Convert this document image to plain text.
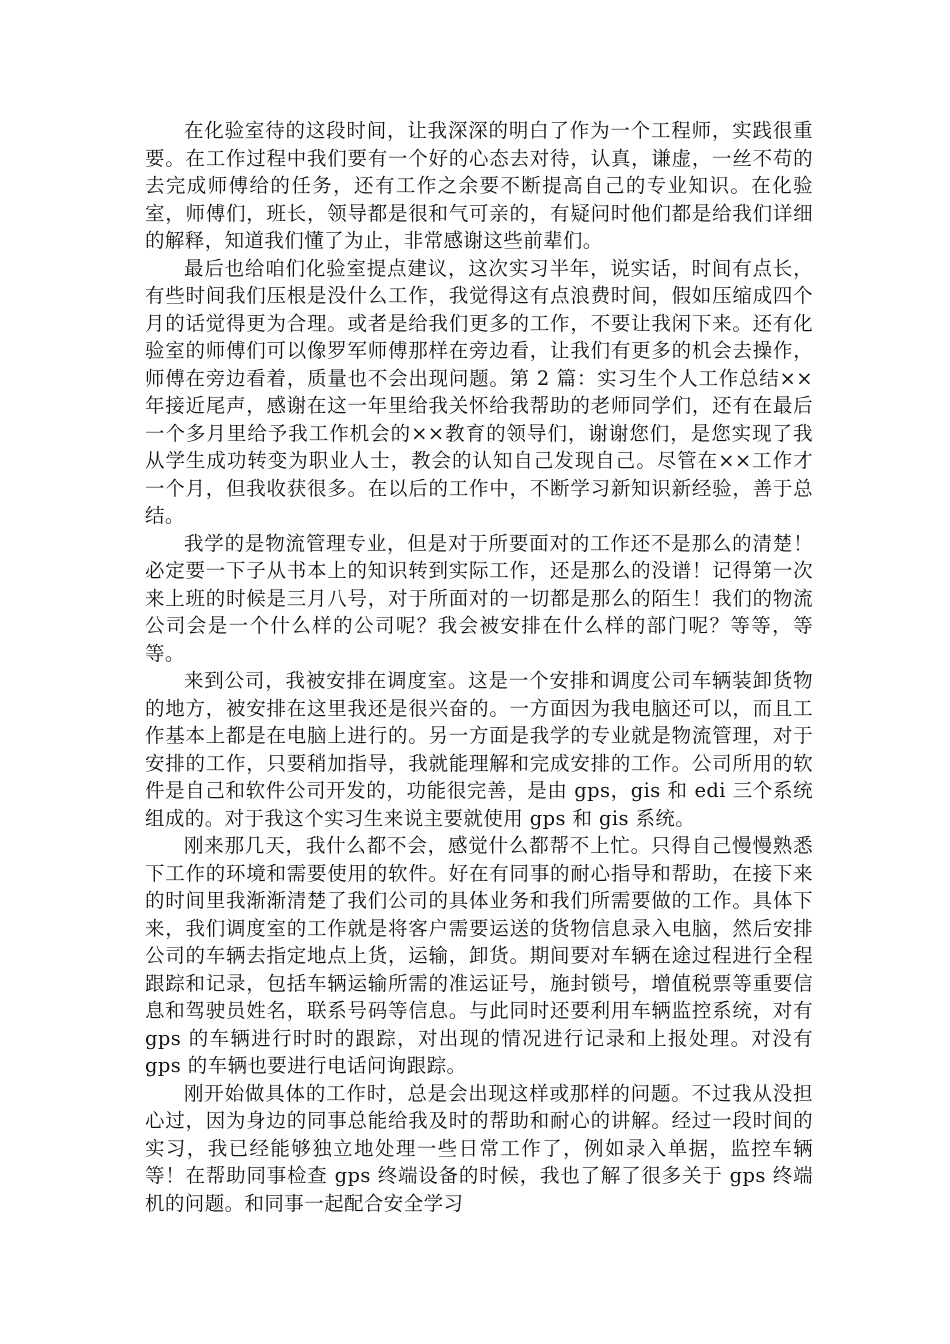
在化验室待的这段时间，让我深深的明白了作为一个工程师，实践很重要。在工作过程中我们要有一个好的心态去对待，认真，谦虚，一丝不苟的去完成师傅给的任务，还有工作之余要不断提高自己的专业知识。在化验室，师傅们，班长，领导都是很和气可亲的，有疑问时他们都是给我们详细的解释，知道我们懂了为止，非常感谢这些前辈们。

最后也给咱们化验室提点建议，这次实习半年，说实话，时间有点长，有些时间我们压根是没什么工作，我觉得这有点浪费时间，假如压缩成四个月的话觉得更为合理。或者是给我们更多的工作，不要让我闲下来。还有化验室的师傅们可以像罗军师傅那样在旁边看，让我们有更多的机会去操作，师傅在旁边看着，质量也不会出现问题。第 2 篇：实习生个人工作总结××年接近尾声，感谢在这一年里给我关怀给我帮助的老师同学们，还有在最后一个多月里给予我工作机会的××教育的领导们，谢谢您们，是您实现了我从学生成功转变为职业人士，教会的认知自己发现自己。尽管在××工作才一个月，但我收获很多。在以后的工作中，不断学习新知识新经验，善于总结。

我学的是物流管理专业，但是对于所要面对的工作还不是那么的清楚！必定要一下子从书本上的知识转到实际工作，还是那么的没谱！记得第一次来上班的时候是三月八号，对于所面对的一切都是那么的陌生！我们的物流公司会是一个什么样的公司呢？我会被安排在什么样的部门呢？等等，等等。

来到公司，我被安排在调度室。这是一个安排和调度公司车辆装卸货物的地方，被安排在这里我还是很兴奋的。一方面因为我电脑还可以，而且工作基本上都是在电脑上进行的。另一方面是我学的专业就是物流管理，对于安排的工作，只要稍加指导，我就能理解和完成安排的工作。公司所用的软件是自己和软件公司开发的，功能很完善，是由 gps，gis 和 edi 三个系统组成的。对于我这个实习生来说主要就使用 gps 和 gis 系统。

刚来那几天，我什么都不会，感觉什么都帮不上忙。只得自己慢慢熟悉下工作的环境和需要使用的软件。好在有同事的耐心指导和帮助，在接下来的时间里我渐渐清楚了我们公司的具体业务和我们所需要做的工作。具体下来，我们调度室的工作就是将客户需要运送的货物信息录入电脑，然后安排公司的车辆去指定地点上货，运输，卸货。期间要对车辆在途过程进行全程跟踪和记录，包括车辆运输所需的准运证号，施封锁号，增值税票等重要信息和驾驶员姓名，联系号码等信息。与此同时还要利用车辆监控系统，对有 gps 的车辆进行时时的跟踪，对出现的情况进行记录和上报处理。对没有 gps 的车辆也要进行电话问询跟踪。

刚开始做具体的工作时，总是会出现这样或那样的问题。不过我从没担心过，因为身边的同事总能给我及时的帮助和耐心的讲解。经过一段时间的实习，我已经能够独立地处理一些日常工作了，例如录入单据，监控车辆等！在帮助同事检查 gps 终端设备的时候，我也了解了很多关于 gps 终端机的问题。和同事一起配合安全学习
